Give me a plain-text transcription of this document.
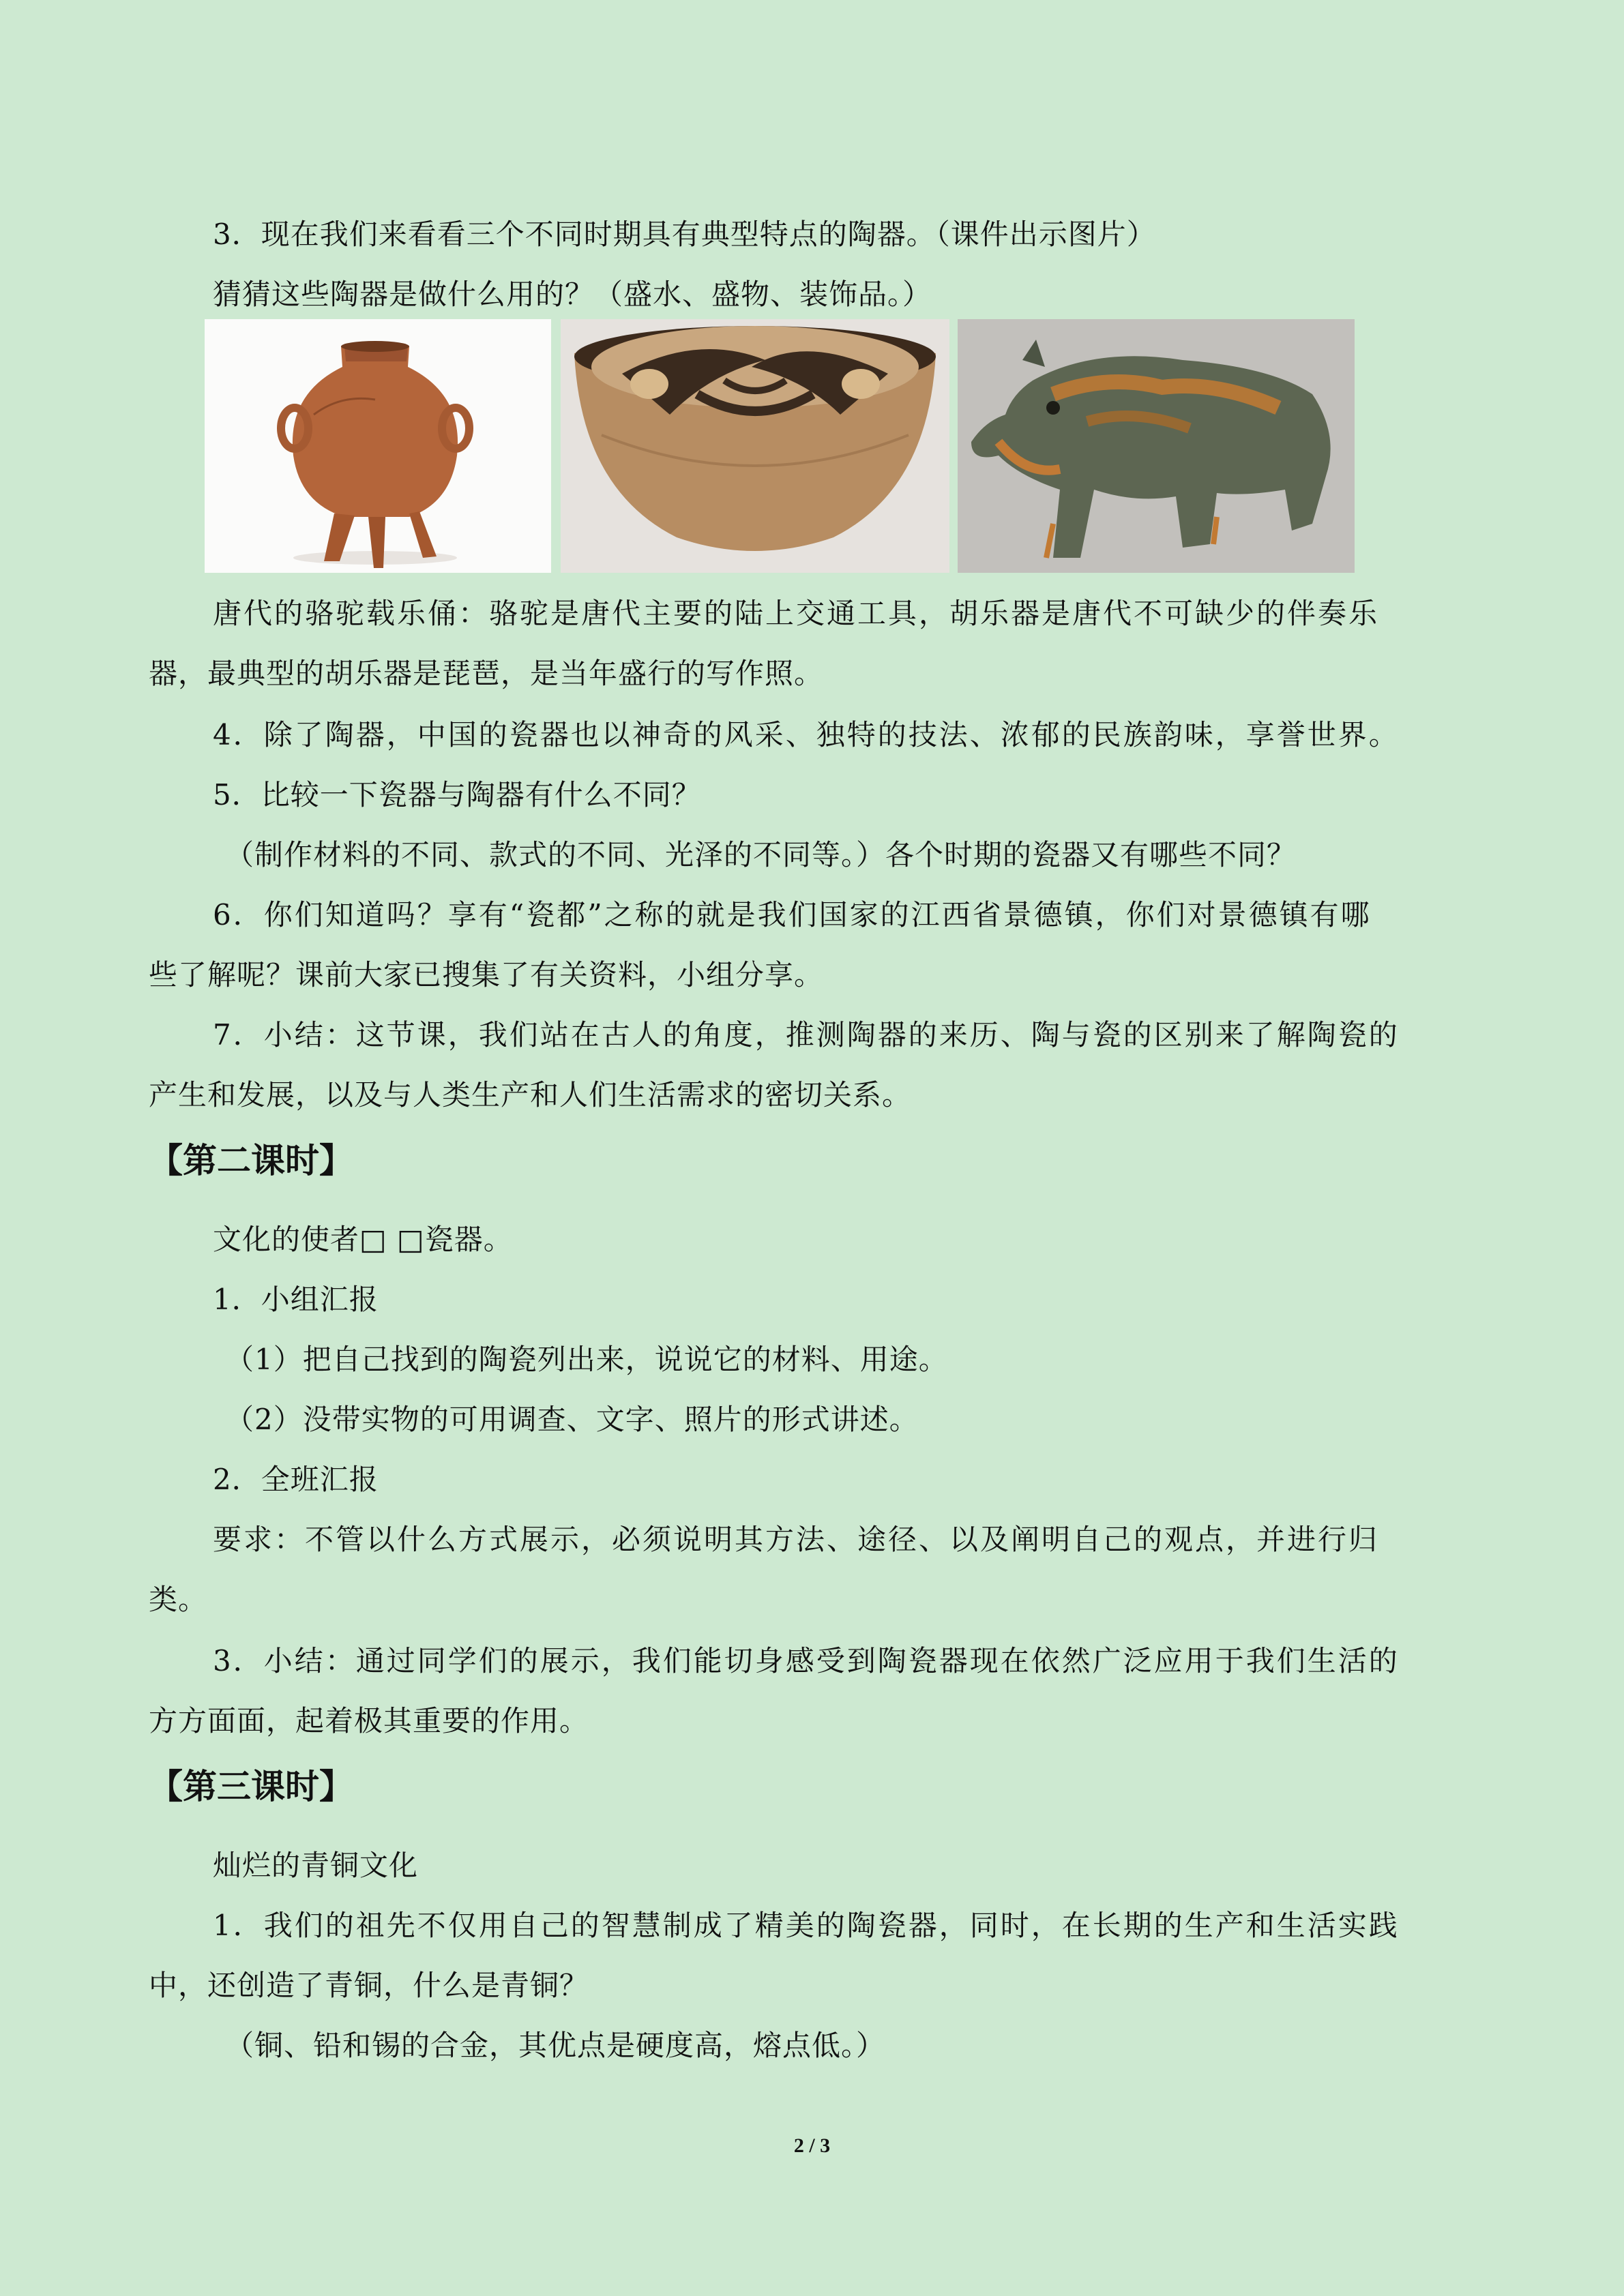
3．现在我们来看看三个不同时期具有典型特点的陶器。（课件出示图片）
猜猜这些陶器是做什么用的？（盛水、盛物、装饰品。）
唐代的骆驼载乐俑：骆驼是唐代主要的陆上交通工具，胡乐器是唐代不可缺少的伴奏乐
器，最典型的胡乐器是琵琶，是当年盛行的写作照。
4．除了陶器，中国的瓷器也以神奇的风采、独特的技法、浓郁的民族韵味，享誉世界。
5．比较一下瓷器与陶器有什么不同？
（制作材料的不同、款式的不同、光泽的不同等。）各个时期的瓷器又有哪些不同？
6．你们知道吗？享有“瓷都”之称的就是我们国家的江西省景德镇，你们对景德镇有哪
些了解呢？课前大家已搜集了有关资料，小组分享。
7．小结：这节课，我们站在古人的角度，推测陶器的来历、陶与瓷的区别来了解陶瓷的
产生和发展，以及与人类生产和人们生活需求的密切关系。
【第二课时】
文化的使者□ □瓷器。
1．小组汇报
（1）把自己找到的陶瓷列出来，说说它的材料、用途。
（2）没带实物的可用调查、文字、照片的形式讲述。
2．全班汇报
要求：不管以什么方式展示，必须说明其方法、途径、以及阐明自己的观点，并进行归
类。
3．小结：通过同学们的展示，我们能切身感受到陶瓷器现在依然广泛应用于我们生活的
方方面面，起着极其重要的作用。
【第三课时】
灿烂的青铜文化
1．我们的祖先不仅用自己的智慧制成了精美的陶瓷器，同时，在长期的生产和生活实践
中，还创造了青铜，什么是青铜？
（铜、铅和锡的合金，其优点是硬度高，熔点低。）
2 / 3
